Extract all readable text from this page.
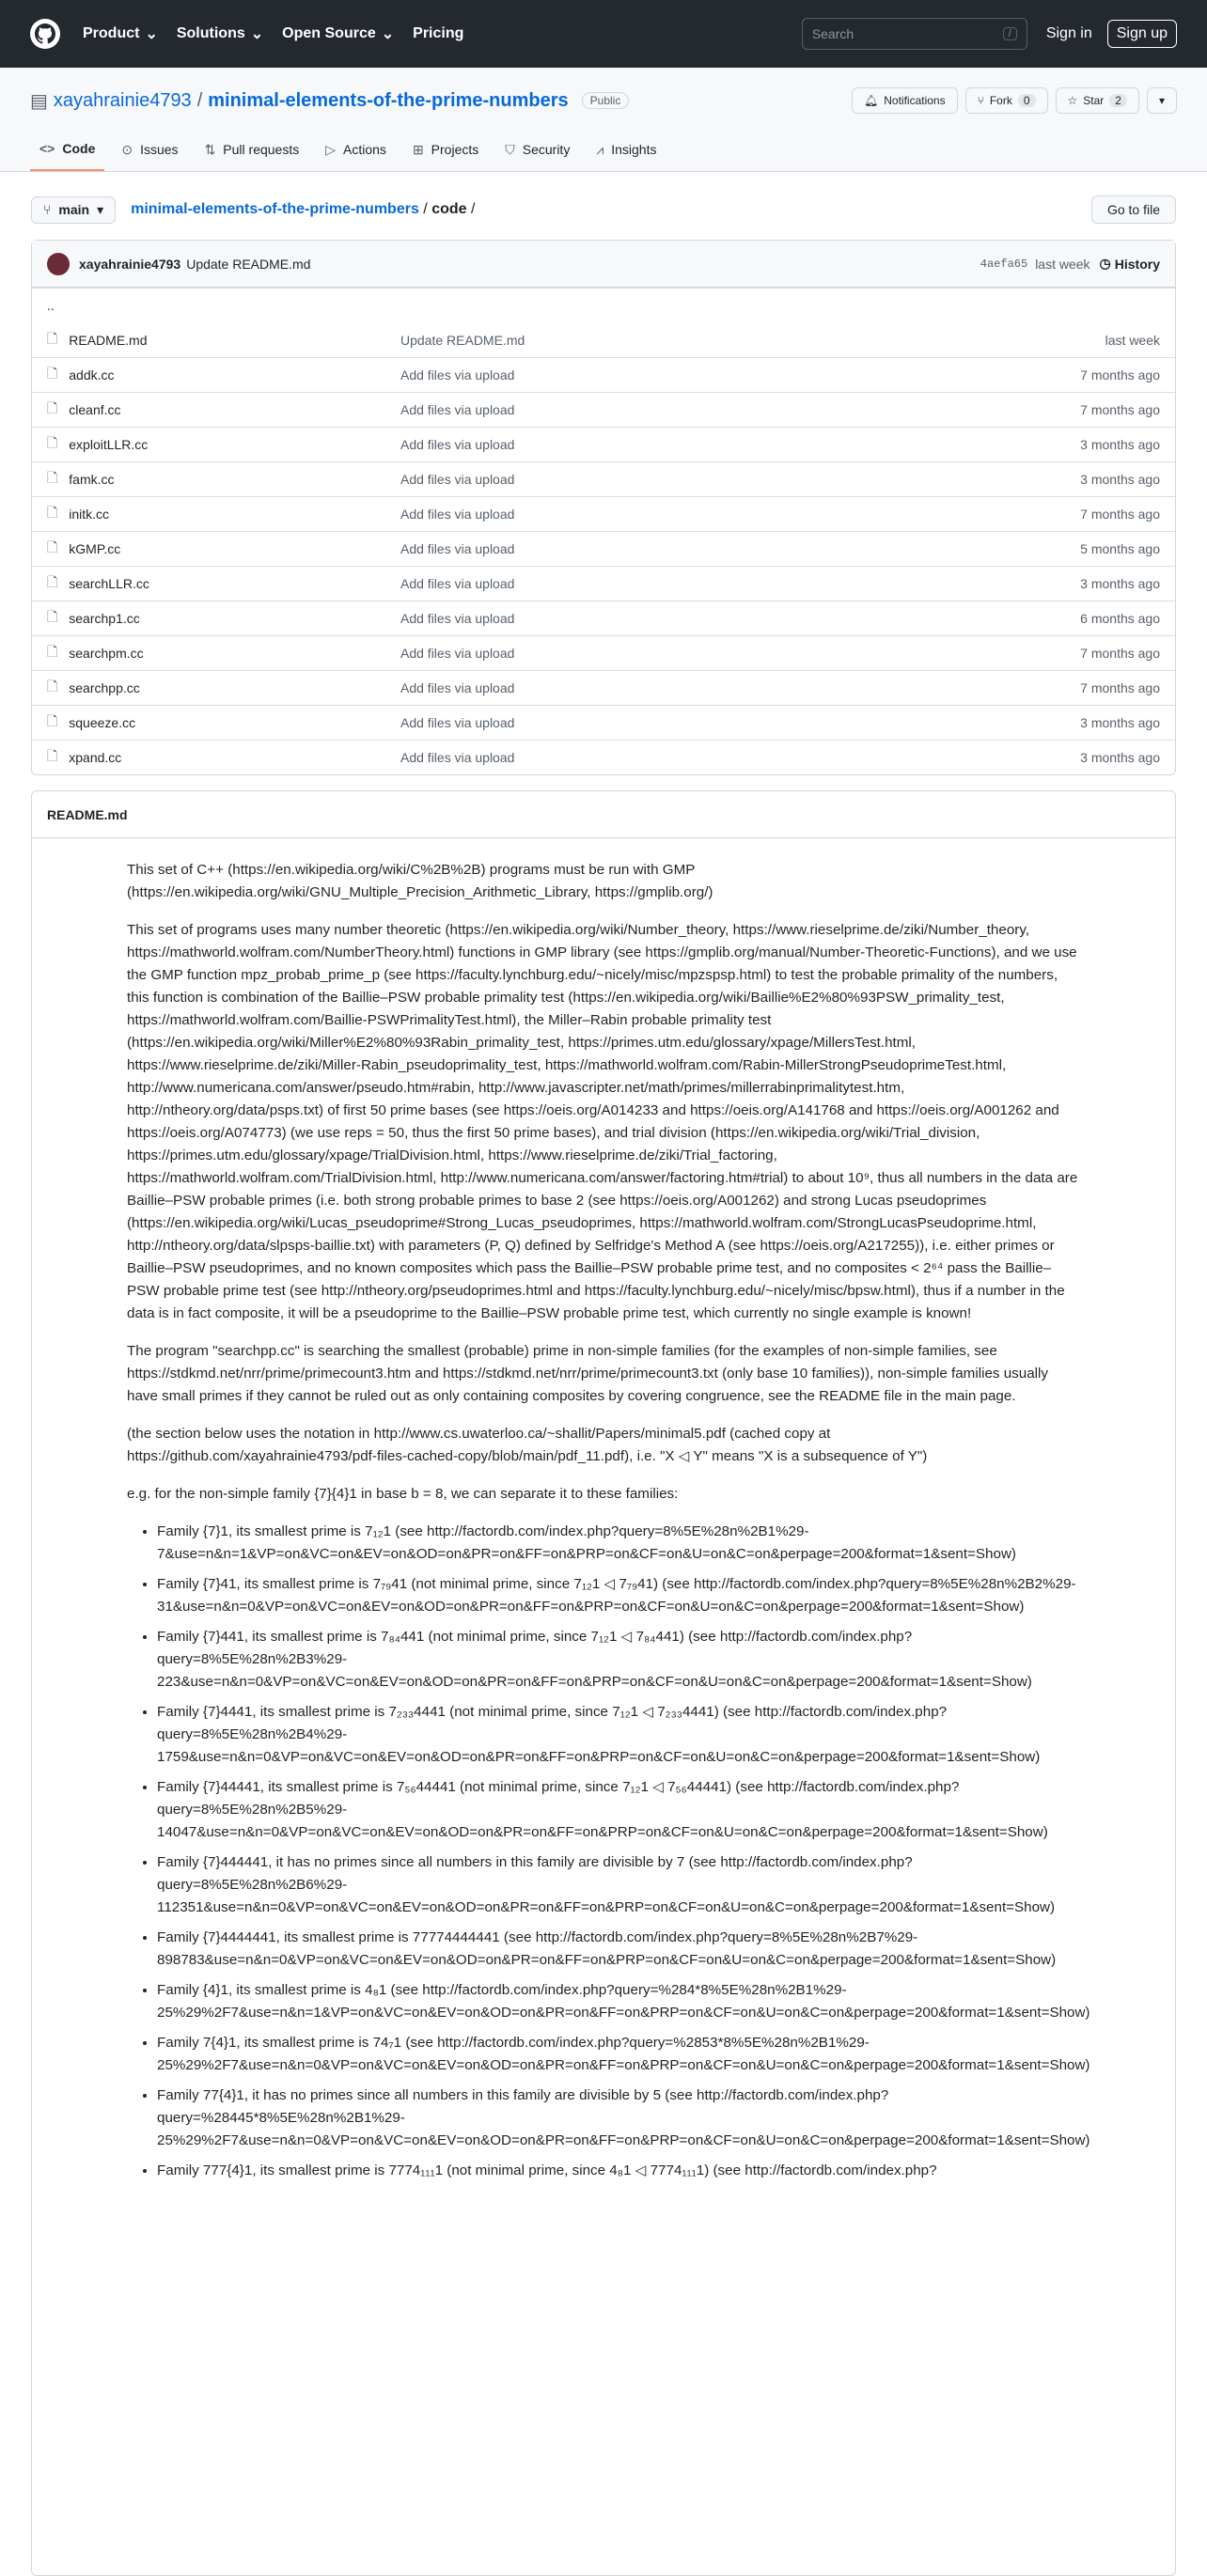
Product ⌄ Solutions ⌄ Open Source ⌄ Pricing	Search	/	Sign in	Sign up
▤ xayahrainie4793 / minimal-elements-of-the-prime-numbers	Public	🔔︎ Notifications	⑂ Fork	0	☆ Star	2	▾
<> Code ⊙ Issues ⇅ Pull requests ▷ Actions ⊞ Projects ⛉ Security ⩘ Insights
⑂ main ▾ minimal-elements-of-the-prime-numbers / code /	Go to file
xayahrainie4793 Update README.md	4aefa65 last week ◷ History
..
🗋︎ README.md	Update README.md	last week
🗋︎ addk.cc	Add files via upload	7 months ago
🗋︎ cleanf.cc	Add files via upload	7 months ago
🗋︎ exploitLLR.cc	Add files via upload	3 months ago
🗋︎ famk.cc	Add files via upload	3 months ago
🗋︎ initk.cc	Add files via upload	7 months ago
🗋︎ kGMP.cc	Add files via upload	5 months ago
🗋︎ searchLLR.cc	Add files via upload	3 months ago
🗋︎ searchp1.cc	Add files via upload	6 months ago
🗋︎ searchpm.cc	Add files via upload	7 months ago
🗋︎ searchpp.cc	Add files via upload	7 months ago
🗋︎ squeeze.cc	Add files via upload	3 months ago
🗋︎ xpand.cc	Add files via upload	3 months ago
README.md

This set of C++ (https://en.wikipedia.org/wiki/C%2B%2B) programs must be run with GMP (https://en.wikipedia.org/wiki/GNU_Multiple_Precision_Arithmetic_Library, https://gmplib.org/)

This set of programs uses many number theoretic (https://en.wikipedia.org/wiki/Number_theory, https://www.rieselprime.de/ziki/Number_theory, https://mathworld.wolfram.com/NumberTheory.html) functions in GMP library (see https://gmplib.org/manual/Number-Theoretic-Functions), and we use the GMP function mpz_probab_prime_p (see https://faculty.lynchburg.edu/~nicely/misc/mpzspsp.html) to test the probable primality of the numbers, this function is combination of the Baillie–PSW probable primality test (https://en.wikipedia.org/wiki/Baillie%E2%80%93PSW_primality_test, https://mathworld.wolfram.com/Baillie-PSWPrimalityTest.html), the Miller–Rabin probable primality test (https://en.wikipedia.org/wiki/Miller%E2%80%93Rabin_primality_test, https://primes.utm.edu/glossary/xpage/MillersTest.html, https://www.rieselprime.de/ziki/Miller-Rabin_pseudoprimality_test, https://mathworld.wolfram.com/Rabin-MillerStrongPseudoprimeTest.html, http://www.numericana.com/answer/pseudo.htm#rabin, http://www.javascripter.net/math/primes/millerrabinprimalitytest.htm, http://ntheory.org/data/psps.txt) of first 50 prime bases (see https://oeis.org/A014233 and https://oeis.org/A141768 and https://oeis.org/A001262 and https://oeis.org/A074773) (we use reps = 50, thus the first 50 prime bases), and trial division (https://en.wikipedia.org/wiki/Trial_division, https://primes.utm.edu/glossary/xpage/TrialDivision.html, https://www.rieselprime.de/ziki/Trial_factoring, https://mathworld.wolfram.com/TrialDivision.html, http://www.numericana.com/answer/factoring.htm#trial) to about 10⁹, thus all numbers in the data are Baillie–PSW probable primes (i.e. both strong probable primes to base 2 (see https://oeis.org/A001262) and strong Lucas pseudoprimes (https://en.wikipedia.org/wiki/Lucas_pseudoprime#Strong_Lucas_pseudoprimes, https://mathworld.wolfram.com/StrongLucasPseudoprime.html, http://ntheory.org/data/slpsps-baillie.txt) with parameters (P, Q) defined by Selfridge's Method A (see https://oeis.org/A217255)), i.e. either primes or Baillie–PSW pseudoprimes, and no known composites which pass the Baillie–PSW probable prime test, and no composites < 2⁶⁴ pass the Baillie–PSW probable prime test (see http://ntheory.org/pseudoprimes.html and https://faculty.lynchburg.edu/~nicely/misc/bpsw.html), thus if a number in the data is in fact composite, it will be a pseudoprime to the Baillie–PSW probable prime test, which currently no single example is known!

The program "searchpp.cc" is searching the smallest (probable) prime in non-simple families (for the examples of non-simple families, see https://stdkmd.net/nrr/prime/primecount3.htm and https://stdkmd.net/nrr/prime/primecount3.txt (only base 10 families)), non-simple families usually have small primes if they cannot be ruled out as only containing composites by covering congruence, see the README file in the main page.

(the section below uses the notation in http://www.cs.uwaterloo.ca/~shallit/Papers/minimal5.pdf (cached copy at https://github.com/xayahrainie4793/pdf-files-cached-copy/blob/main/pdf_11.pdf), i.e. "X ◁ Y" means "X is a subsequence of Y")

e.g. for the non-simple family {7}{4}1 in base b = 8, we can separate it to these families:

• Family {7}1, its smallest prime is 7₁₂1 (see http://factordb.com/index.php?query=8%5E%28n%2B1%29-7&use=n&n=1&VP=on&VC=on&EV=on&OD=on&PR=on&FF=on&PRP=on&CF=on&U=on&C=on&perpage=200&format=1&sent=Show)
• Family {7}41, its smallest prime is 7₇₉41 (not minimal prime, since 7₁₂1 ◁ 7₇₉41) (see http://factordb.com/index.php?query=8%5E%28n%2B2%29-31&use=n&n=0&VP=on&VC=on&EV=on&OD=on&PR=on&FF=on&PRP=on&CF=on&U=on&C=on&perpage=200&format=1&sent=Show)
• Family {7}441, its smallest prime is 7₈₄441 (not minimal prime, since 7₁₂1 ◁ 7₈₄441) (see http://factordb.com/index.php?query=8%5E%28n%2B3%29-223&use=n&n=0&VP=on&VC=on&EV=on&OD=on&PR=on&FF=on&PRP=on&CF=on&U=on&C=on&perpage=200&format=1&sent=Show)
• Family {7}4441, its smallest prime is 7₂₃₃4441 (not minimal prime, since 7₁₂1 ◁ 7₂₃₃4441) (see http://factordb.com/index.php?query=8%5E%28n%2B4%29-1759&use=n&n=0&VP=on&VC=on&EV=on&OD=on&PR=on&FF=on&PRP=on&CF=on&U=on&C=on&perpage=200&format=1&sent=Show)
• Family {7}44441, its smallest prime is 7₅₆44441 (not minimal prime, since 7₁₂1 ◁ 7₅₆44441) (see http://factordb.com/index.php?query=8%5E%28n%2B5%29-14047&use=n&n=0&VP=on&VC=on&EV=on&OD=on&PR=on&FF=on&PRP=on&CF=on&U=on&C=on&perpage=200&format=1&sent=Show)
• Family {7}444441, it has no primes since all numbers in this family are divisible by 7 (see http://factordb.com/index.php?query=8%5E%28n%2B6%29-112351&use=n&n=0&VP=on&VC=on&EV=on&OD=on&PR=on&FF=on&PRP=on&CF=on&U=on&C=on&perpage=200&format=1&sent=Show)
• Family {7}4444441, its smallest prime is 77774444441 (see http://factordb.com/index.php?query=8%5E%28n%2B7%29-898783&use=n&n=0&VP=on&VC=on&EV=on&OD=on&PR=on&FF=on&PRP=on&CF=on&U=on&C=on&perpage=200&format=1&sent=Show)
• Family {4}1, its smallest prime is 4₈1 (see http://factordb.com/index.php?query=%284*8%5E%28n%2B1%29-25%29%2F7&use=n&n=1&VP=on&VC=on&EV=on&OD=on&PR=on&FF=on&PRP=on&CF=on&U=on&C=on&perpage=200&format=1&sent=Show)
• Family 7{4}1, its smallest prime is 74₇1 (see http://factordb.com/index.php?query=%2853*8%5E%28n%2B1%29-25%29%2F7&use=n&n=0&VP=on&VC=on&EV=on&OD=on&PR=on&FF=on&PRP=on&CF=on&U=on&C=on&perpage=200&format=1&sent=Show)
• Family 77{4}1, it has no primes since all numbers in this family are divisible by 5 (see http://factordb.com/index.php?query=%28445*8%5E%28n%2B1%29-25%29%2F7&use=n&n=0&VP=on&VC=on&EV=on&OD=on&PR=on&FF=on&PRP=on&CF=on&U=on&C=on&perpage=200&format=1&sent=Show)
• Family 777{4}1, its smallest prime is 7774₁₁₁1 (not minimal prime, since 4₈1 ◁ 7774₁₁₁1) (see http://factordb.com/index.php?
